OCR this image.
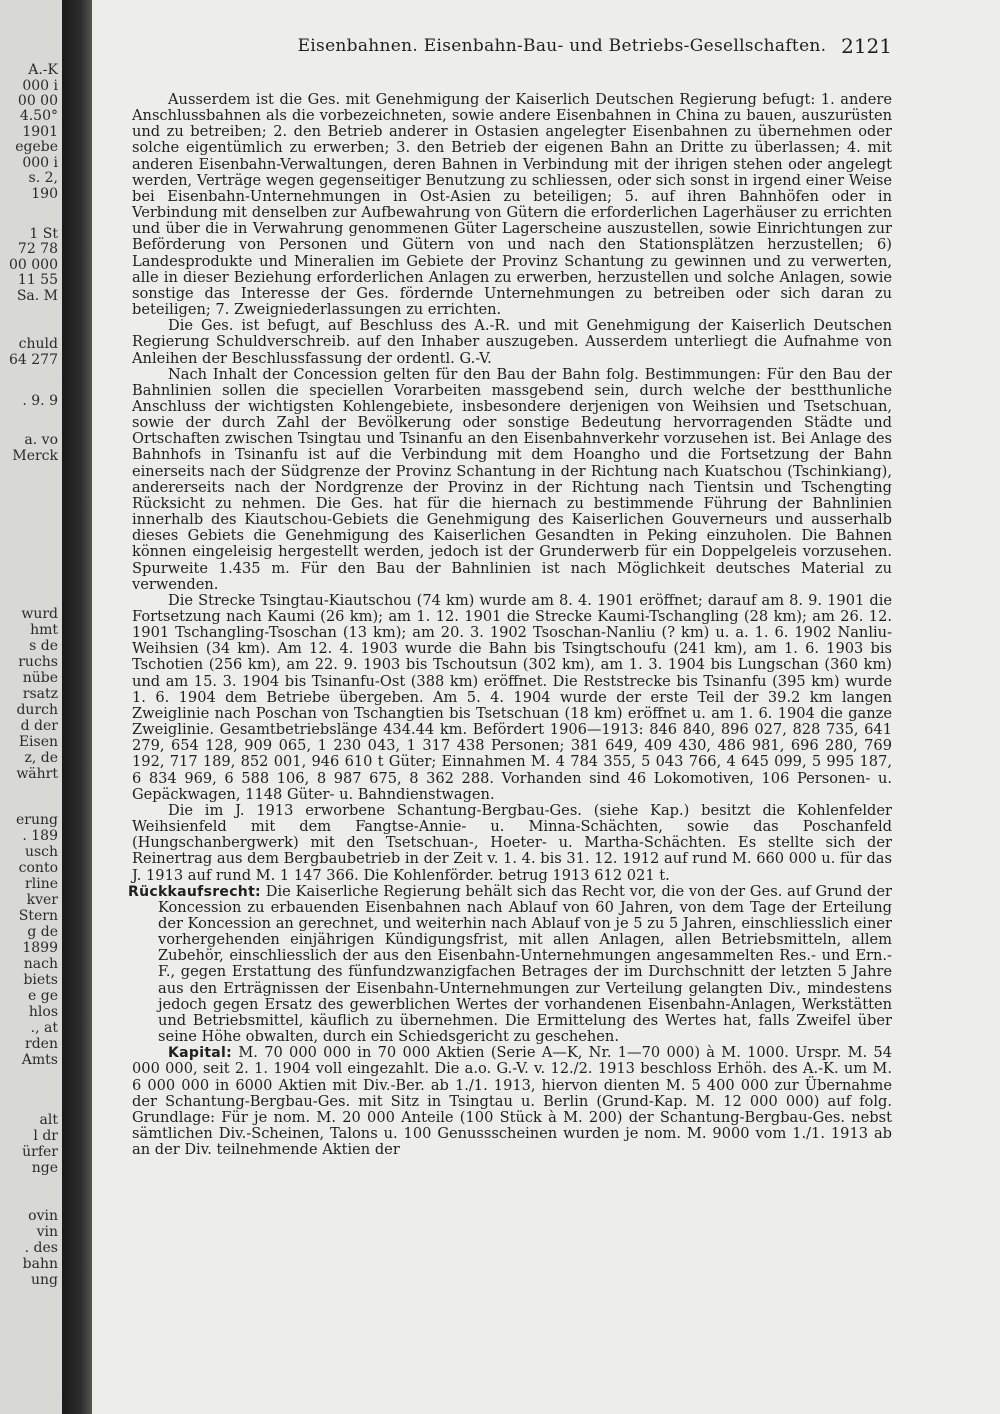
A.-K
000 i
00 00
4.50°
1901
egebe
000 i
s. 2,
190
1 St
72 78
00 000
11 55
Sa. M
chuld
64 277
. 9. 9
a. vo
Merck
wurd
hmt
s de
ruchs
nübe
rsatz
durch
d der
Eisen
z, de
währt
erung
. 189
usch
conto
rline
kver
Stern
g de
1899
nach
biets
e ge
hlos
., at
rden
Amts
alt
l dr
ürfer
nge
ovin
vin
. des
bahn
ung
Eisenbahnen. Eisenbahn-Bau- und Betriebs-Gesellschaften. 2121

Ausserdem ist die Ges. mit Genehmigung der Kaiserlich Deutschen Regierung befugt: 1. andere Anschlussbahnen als die vorbezeichneten, sowie andere Eisenbahnen in China zu bauen, auszurüsten und zu betreiben; 2. den Betrieb anderer in Ostasien angelegter Eisenbahnen zu übernehmen oder solche eigentümlich zu erwerben; 3. den Betrieb der eigenen Bahn an Dritte zu überlassen; 4. mit anderen Eisenbahn-Verwaltungen, deren Bahnen in Verbindung mit der ihrigen stehen oder angelegt werden, Verträge wegen gegenseitiger Benutzung zu schliessen, oder sich sonst in irgend einer Weise bei Eisenbahn-Unternehmungen in Ost-Asien zu beteiligen; 5. auf ihren Bahnhöfen oder in Verbindung mit denselben zur Aufbewahrung von Gütern die erforderlichen Lagerhäuser zu errichten und über die in Verwahrung genommenen Güter Lagerscheine auszustellen, sowie Einrichtungen zur Beförderung von Personen und Gütern von und nach den Stationsplätzen herzustellen; 6) Landesprodukte und Mineralien im Gebiete der Provinz Schantung zu gewinnen und zu verwerten, alle in dieser Beziehung erforderlichen Anlagen zu erwerben, herzustellen und solche Anlagen, sowie sonstige das Interesse der Ges. fördernde Unternehmungen zu betreiben oder sich daran zu beteiligen; 7. Zweigniederlassungen zu errichten.

Die Ges. ist befugt, auf Beschluss des A.-R. und mit Genehmigung der Kaiserlich Deutschen Regierung Schuldverschreib. auf den Inhaber auszugeben. Ausserdem unterliegt die Aufnahme von Anleihen der Beschlussfassung der ordentl. G.-V.

Nach Inhalt der Concession gelten für den Bau der Bahn folg. Bestimmungen: Für den Bau der Bahnlinien sollen die speciellen Vorarbeiten massgebend sein, durch welche der bestthunliche Anschluss der wichtigsten Kohlengebiete, insbesondere derjenigen von Weihsien und Tsetschuan, sowie der durch Zahl der Bevölkerung oder sonstige Bedeutung hervorragenden Städte und Ortschaften zwischen Tsingtau und Tsinanfu an den Eisenbahnverkehr vorzusehen ist. Bei Anlage des Bahnhofs in Tsinanfu ist auf die Verbindung mit dem Hoangho und die Fortsetzung der Bahn einerseits nach der Südgrenze der Provinz Schantung in der Richtung nach Kuatschou (Tschinkiang), andererseits nach der Nordgrenze der Provinz in der Richtung nach Tientsin und Tschengting Rücksicht zu nehmen. Die Ges. hat für die hiernach zu bestimmende Führung der Bahnlinien innerhalb des Kiautschou-Gebiets die Genehmigung des Kaiserlichen Gouverneurs und ausserhalb dieses Gebiets die Genehmigung des Kaiserlichen Gesandten in Peking einzuholen. Die Bahnen können eingeleisig hergestellt werden, jedoch ist der Grunderwerb für ein Doppelgeleis vorzusehen. Spurweite 1.435 m. Für den Bau der Bahnlinien ist nach Möglichkeit deutsches Material zu verwenden.

Die Strecke Tsingtau-Kiautschou (74 km) wurde am 8. 4. 1901 eröffnet; darauf am 8. 9. 1901 die Fortsetzung nach Kaumi (26 km); am 1. 12. 1901 die Strecke Kaumi-Tschangling (28 km); am 26. 12. 1901 Tschangling-Tsoschan (13 km); am 20. 3. 1902 Tsoschan-Nanliu (? km) u. a. 1. 6. 1902 Nanliu-Weihsien (34 km). Am 12. 4. 1903 wurde die Bahn bis Tsingtschoufu (241 km), am 1. 6. 1903 bis Tschotien (256 km), am 22. 9. 1903 bis Tschoutsun (302 km), am 1. 3. 1904 bis Lungschan (360 km) und am 15. 3. 1904 bis Tsinanfu-Ost (388 km) eröffnet. Die Reststrecke bis Tsinanfu (395 km) wurde 1. 6. 1904 dem Betriebe übergeben. Am 5. 4. 1904 wurde der erste Teil der 39.2 km langen Zweiglinie nach Poschan von Tschangtien bis Tsetschuan (18 km) eröffnet u. am 1. 6. 1904 die ganze Zweiglinie. Gesamtbetriebslänge 434.44 km. Befördert 1906—1913: 846 840, 896 027, 828 735, 641 279, 654 128, 909 065, 1 230 043, 1 317 438 Personen; 381 649, 409 430, 486 981, 696 280, 769 192, 717 189, 852 001, 946 610 t Güter; Einnahmen M. 4 784 355, 5 043 766, 4 645 099, 5 995 187, 6 834 969, 6 588 106, 8 987 675, 8 362 288. Vorhanden sind 46 Lokomotiven, 106 Personen- u. Gepäckwagen, 1148 Güter- u. Bahndienstwagen.

Die im J. 1913 erworbene Schantung-Bergbau-Ges. (siehe Kap.) besitzt die Kohlenfelder Weihsienfeld mit dem Fangtse-Annie- u. Minna-Schächten, sowie das Poschanfeld (Hungschanbergwerk) mit den Tsetschuan-, Hoeter- u. Martha-Schächten. Es stellte sich der Reinertrag aus dem Bergbaubetrieb in der Zeit v. 1. 4. bis 31. 12. 1912 auf rund M. 660 000 u. für das J. 1913 auf rund M. 1 147 366. Die Kohlenförder. betrug 1913 612 021 t.

Rückkaufsrecht: Die Kaiserliche Regierung behält sich das Recht vor, die von der Ges. auf Grund der Koncession zu erbauenden Eisenbahnen nach Ablauf von 60 Jahren, von dem Tage der Erteilung der Koncession an gerechnet, und weiterhin nach Ablauf von je 5 zu 5 Jahren, einschliesslich einer vorhergehenden einjährigen Kündigungsfrist, mit allen Anlagen, allen Betriebsmitteln, allem Zubehör, einschliesslich der aus den Eisenbahn-Unternehmungen angesammelten Res.- und Ern.-F., gegen Erstattung des fünfundzwanzigfachen Betrages der im Durchschnitt der letzten 5 Jahre aus den Erträgnissen der Eisenbahn-Unternehmungen zur Verteilung gelangten Div., mindestens jedoch gegen Ersatz des gewerblichen Wertes der vorhandenen Eisenbahn-Anlagen, Werkstätten und Betriebsmittel, käuflich zu übernehmen. Die Ermittelung des Wertes hat, falls Zweifel über seine Höhe obwalten, durch ein Schiedsgericht zu geschehen.

Kapital: M. 70 000 000 in 70 000 Aktien (Serie A—K, Nr. 1—70 000) à M. 1000. Urspr. M. 54 000 000, seit 2. 1. 1904 voll eingezahlt. Die a.o. G.-V. v. 12./2. 1913 beschloss Erhöh. des A.-K. um M. 6 000 000 in 6000 Aktien mit Div.-Ber. ab 1./1. 1913, hiervon dienten M. 5 400 000 zur Übernahme der Schantung-Bergbau-Ges. mit Sitz in Tsingtau u. Berlin (Grund-Kap. M. 12 000 000) auf folg. Grundlage: Für je nom. M. 20 000 Anteile (100 Stück à M. 200) der Schantung-Bergbau-Ges. nebst sämtlichen Div.-Scheinen, Talons u. 100 Genussscheinen wurden je nom. M. 9000 vom 1./1. 1913 ab an der Div. teilnehmende Aktien der
